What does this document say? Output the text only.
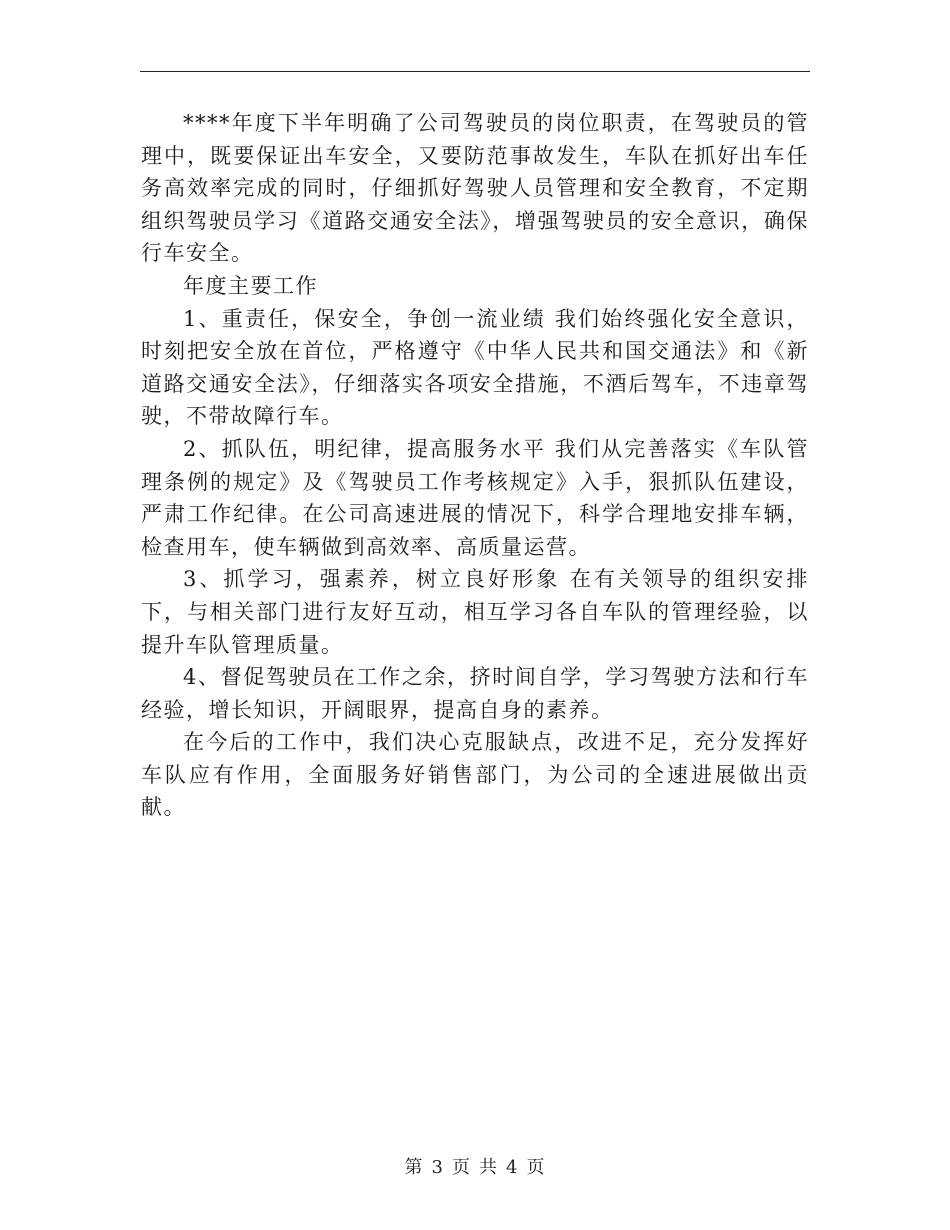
****年度下半年明确了公司驾驶员的岗位职责，在驾驶员的管理中，既要保证出车安全，又要防范事故发生，车队在抓好出车任务高效率完成的同时，仔细抓好驾驶人员管理和安全教育，不定期组织驾驶员学习《道路交通安全法》，增强驾驶员的安全意识，确保行车安全。

年度主要工作

1、重责任，保安全，争创一流业绩 我们始终强化安全意识，时刻把安全放在首位，严格遵守《中华人民共和国交通法》和《新道路交通安全法》，仔细落实各项安全措施，不酒后驾车，不违章驾驶，不带故障行车。

2、抓队伍，明纪律，提高服务水平 我们从完善落实《车队管理条例的规定》及《驾驶员工作考核规定》入手，狠抓队伍建设，严肃工作纪律。在公司高速进展的情况下，科学合理地安排车辆，检查用车，使车辆做到高效率、高质量运营。

3、抓学习，强素养，树立良好形象 在有关领导的组织安排下，与相关部门进行友好互动，相互学习各自车队的管理经验，以提升车队管理质量。

4、督促驾驶员在工作之余，挤时间自学，学习驾驶方法和行车经验，增长知识，开阔眼界，提高自身的素养。

在今后的工作中，我们决心克服缺点，改进不足，充分发挥好车队应有作用，全面服务好销售部门，为公司的全速进展做出贡献。

第 3 页 共 4 页
